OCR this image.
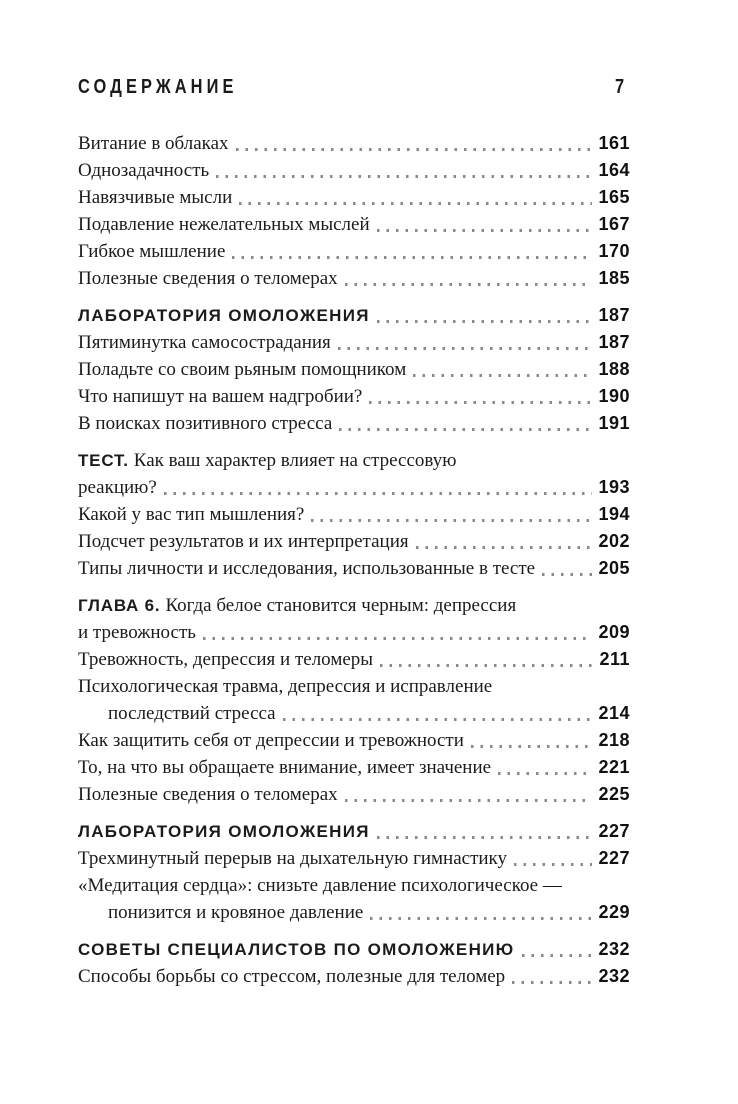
СОДЕРЖАНИЕ	7
Витание в облаках	161
Однозадачность	164
Навязчивые мысли	165
Подавление нежелательных мыслей	167
Гибкое мышление	170
Полезные сведения о теломерах	185
ЛАБОРАТОРИЯ ОМОЛОЖЕНИЯ	187
Пятиминутка самосострадания	187
Поладьте со своим рьяным помощником	188
Что напишут на вашем надгробии?	190
В поисках позитивного стресса	191
ТЕСТ. Как ваш характер влияет на стрессовую
реакцию?	193
Какой у вас тип мышления?	194
Подсчет результатов и их интерпретация	202
Типы личности и исследования, использованные в тесте	205
ГЛАВА 6. Когда белое становится черным: депрессия
и тревожность	209
Тревожность, депрессия и теломеры	211
Психологическая травма, депрессия и исправление
последствий стресса	214
Как защитить себя от депрессии и тревожности	218
То, на что вы обращаете внимание, имеет значение	221
Полезные сведения о теломерах	225
ЛАБОРАТОРИЯ ОМОЛОЖЕНИЯ	227
Трехминутный перерыв на дыхательную гимнастику	227
«Медитация сердца»: снизьте давление психологическое —
понизится и кровяное давление	229
СОВЕТЫ СПЕЦИАЛИСТОВ ПО ОМОЛОЖЕНИЮ	232
Способы борьбы со стрессом, полезные для теломер	232
